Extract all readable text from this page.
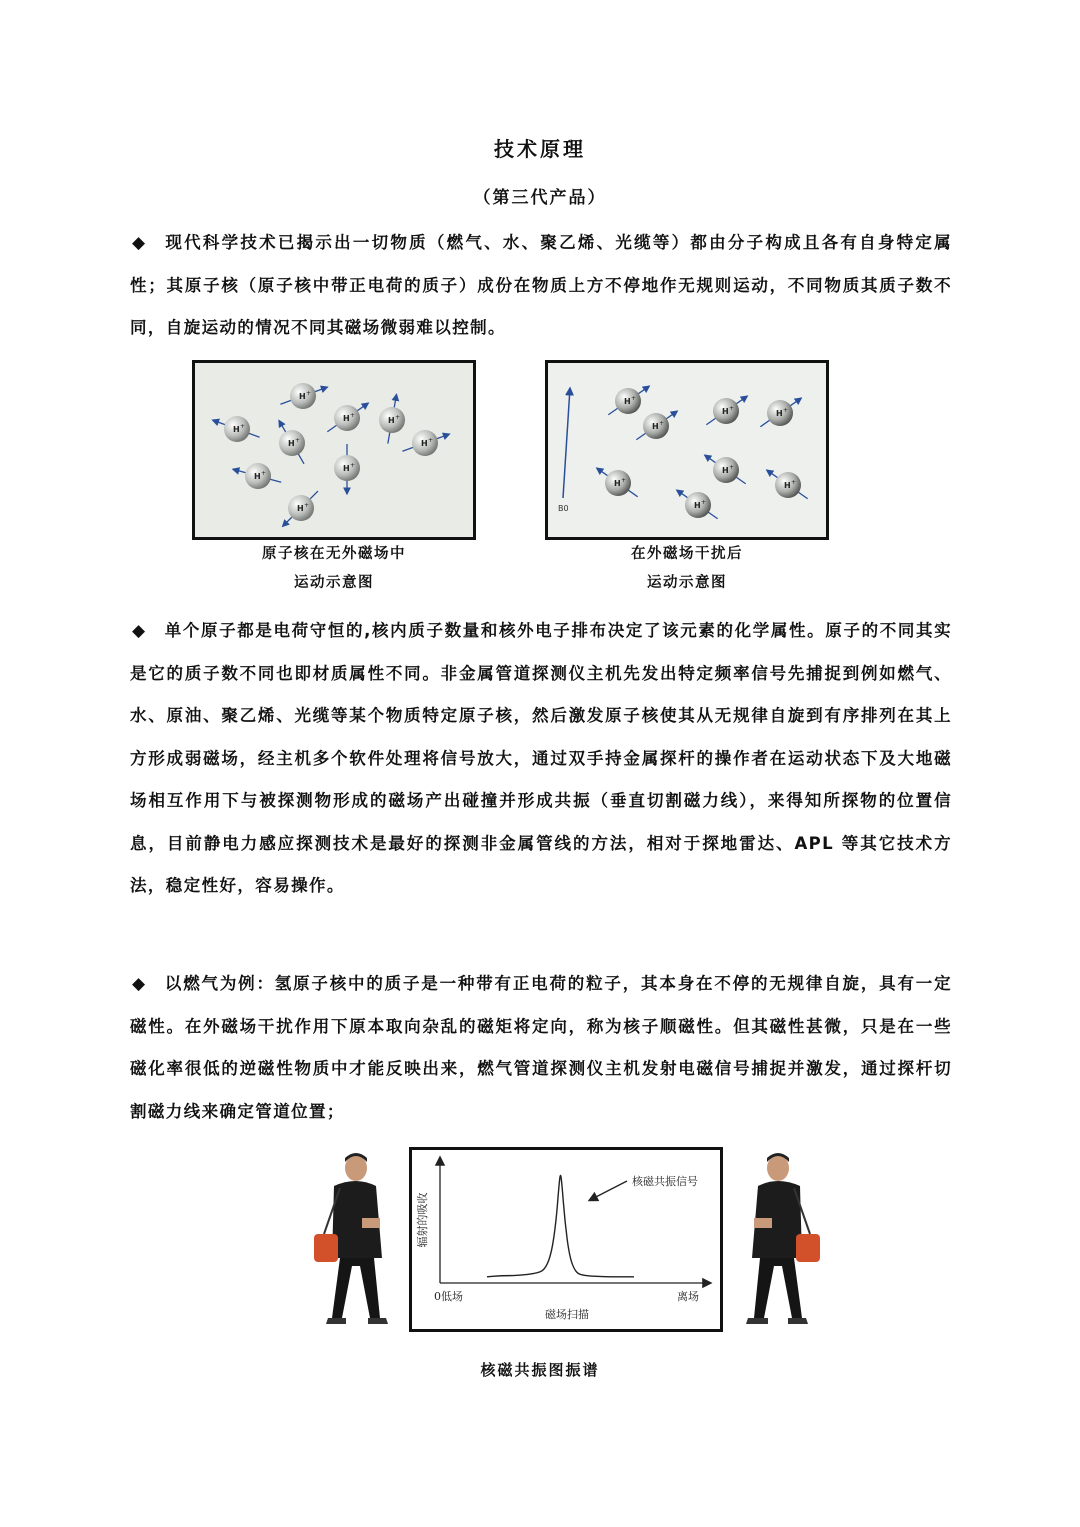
技术原理
（第三代产品）

◆ 现代科学技术已揭示出一切物质（燃气、水、聚乙烯、光缆等）都由分子构成且各有自身特定属性；其原子核（原子核中带正电荷的质子）成份在物质上方不停地作无规则运动，不同物质其质子数不同，自旋运动的情况不同其磁场微弱难以控制。

H +
H +
H +
H +
H +	H +
H +
H +
H +
原子核在无外磁场中
运动示意图
B0
H +
H +
H +
H +
H +
H +
H +
H +
在外磁场干扰后
运动示意图

◆ 单个原子都是电荷守恒的,核内质子数量和核外电子排布决定了该元素的化学属性。原子的不同其实是它的质子数不同也即材质属性不同。非金属管道探测仪主机先发出特定频率信号先捕捉到例如燃气、水、原油、聚乙烯、光缆等某个物质特定原子核，然后激发原子核使其从无规律自旋到有序排列在其上方形成弱磁场，经主机多个软件处理将信号放大，通过双手持金属探杆的操作者在运动状态下及大地磁场相互作用下与被探测物形成的磁场产出碰撞并形成共振（垂直切割磁力线），来得知所探物的位置信息，目前静电力感应探测技术是最好的探测非金属管线的方法，相对于探地雷达、APL 等其它技术方法，稳定性好，容易操作。

◆ 以燃气为例：氢原子核中的质子是一种带有正电荷的粒子，其本身在不停的无规律自旋，具有一定磁性。在外磁场干扰作用下原本取向杂乱的磁矩将定向，称为核子顺磁性。但其磁性甚微，只是在一些磁化率很低的逆磁性物质中才能反映出来，燃气管道探测仪主机发射电磁信号捕捉并激发，通过探杆切割磁力线来确定管道位置；

辐射的吸收
0低场	离场
磁场扫描
核磁共振信号
核磁共振图振谱
